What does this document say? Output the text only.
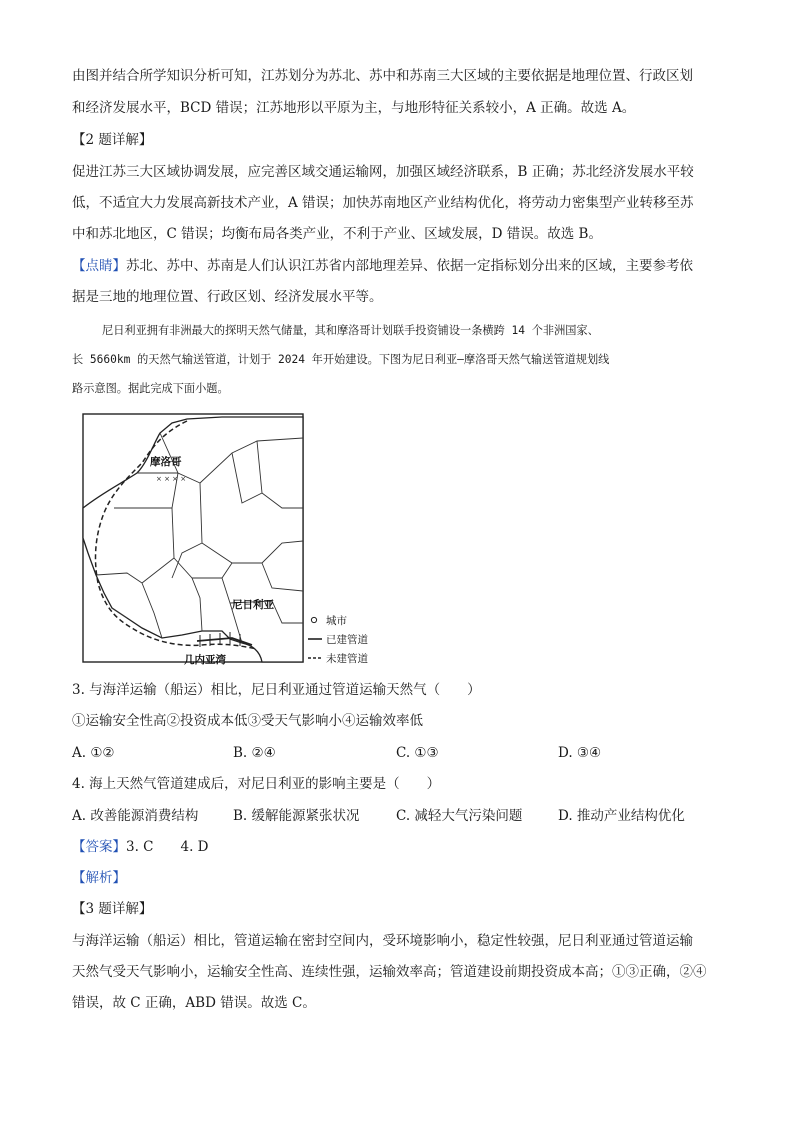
由图并结合所学知识分析可知，江苏划分为苏北、苏中和苏南三大区域的主要依据是地理位置、行政区划
和经济发展水平，BCD 错误；江苏地形以平原为主，与地形特征关系较小，A 正确。故选 A。
【2 题详解】
促进江苏三大区域协调发展，应完善区域交通运输网，加强区域经济联系，B 正确；苏北经济发展水平较
低，不适宜大力发展高新技术产业，A 错误；加快苏南地区产业结构优化，将劳动力密集型产业转移至苏
中和苏北地区，C 错误；均衡布局各类产业，不利于产业、区域发展，D 错误。故选 B。
【点睛】苏北、苏中、苏南是人们认识江苏省内部地理差异、依据一定指标划分出来的区域，主要参考依
据是三地的地理位置、行政区划、经济发展水平等。
尼日利亚拥有非洲最大的探明天然气储量，其和摩洛哥计划联手投资铺设一条横跨 14 个非洲国家、
长 5660km 的天然气输送管道，计划于 2024 年开始建设。下图为尼日利亚—摩洛哥天然气输送管道规划线
路示意图。据此完成下面小题。
× × × ×
摩洛哥
尼日利亚
几内亚湾
城市
已建管道
未建管道
3. 与海洋运输（船运）相比，尼日利亚通过管道运输天然气（　　）
①运输安全性高②投资成本低③受天气影响小④运输效率低
A. ①②	B. ②④	C. ①③	D. ③④
4. 海上天然气管道建成后，对尼日利亚的影响主要是（　　）
A. 改善能源消费结构	B. 缓解能源紧张状况	C. 减轻大气污染问题	D. 推动产业结构优化
【答案】3. C　　4. D
【解析】
【3 题详解】
与海洋运输（船运）相比，管道运输在密封空间内，受环境影响小，稳定性较强，尼日利亚通过管道运输
天然气受天气影响小，运输安全性高、连续性强，运输效率高；管道建设前期投资成本高；①③正确，②④
错误，故 C 正确，ABD 错误。故选 C。
